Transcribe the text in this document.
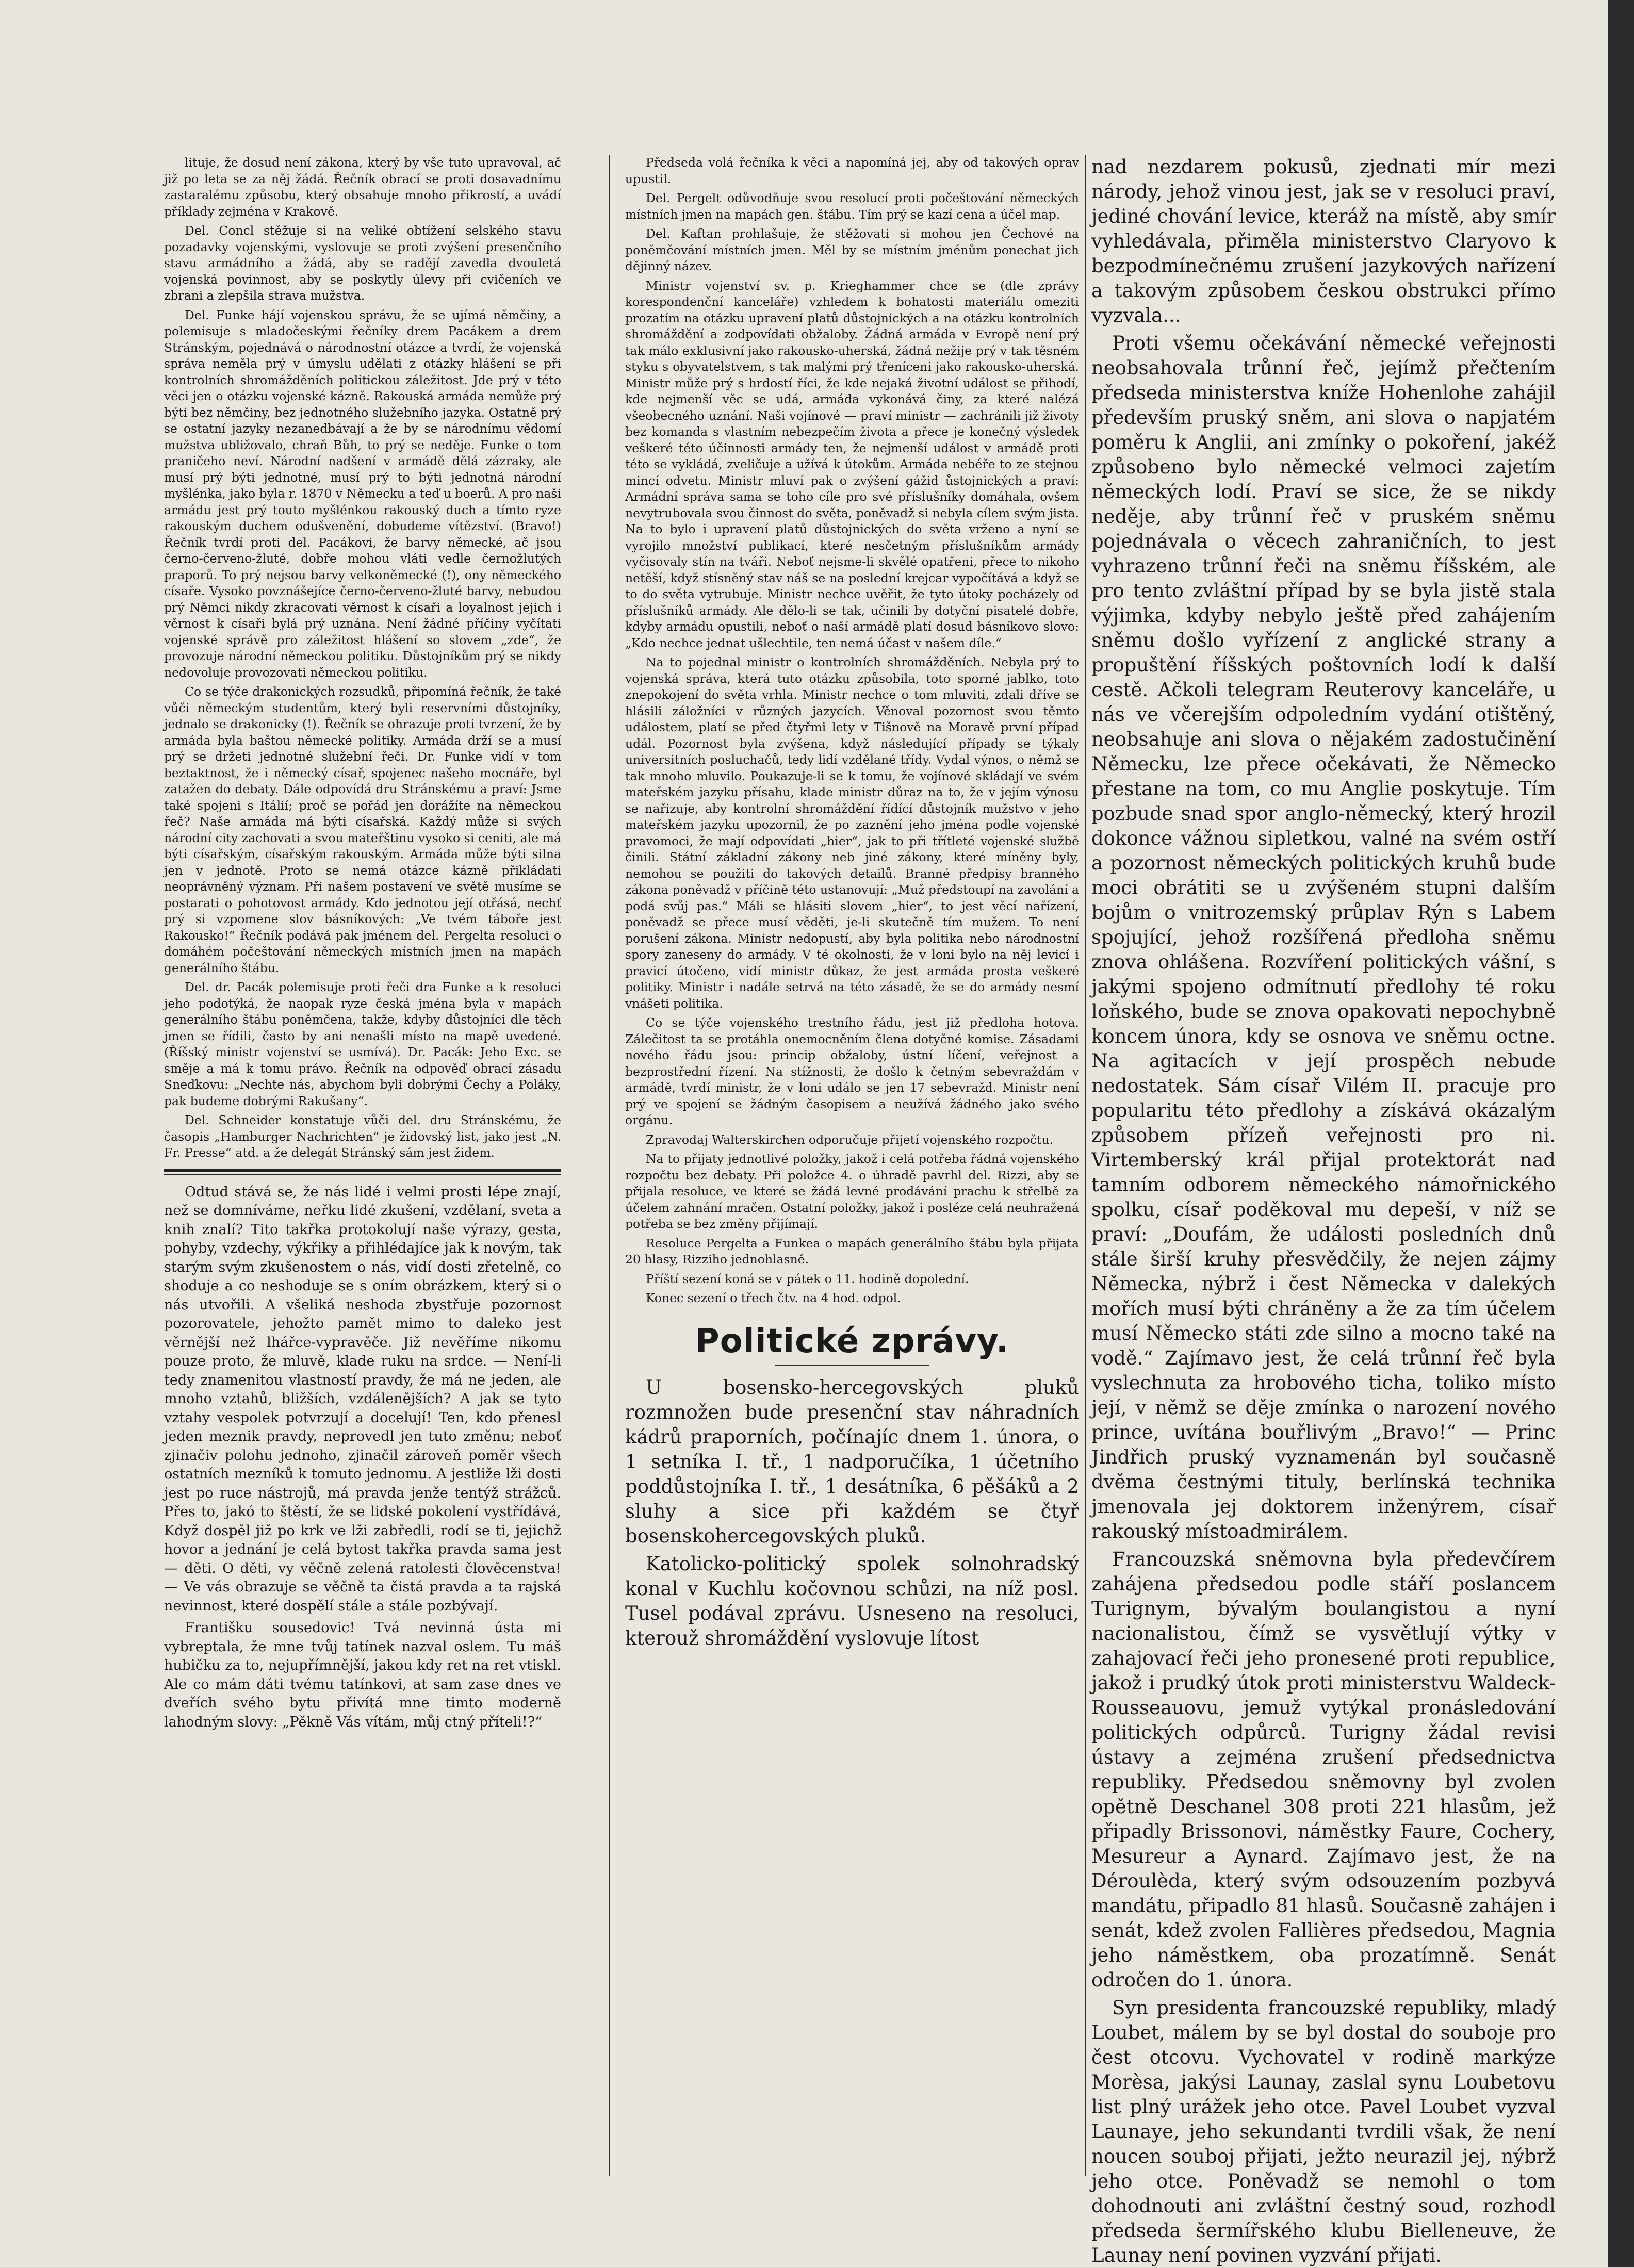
lituje, že dosud není zákona, který by vše tuto upravoval, ač již po leta se za něj žádá. Řečník obrací se proti dosavadnímu zastaralému způsobu, který obsahuje mnoho přikrostí, a uvádí příklady zejména v Krakově.

Del. Concl stěžuje si na veliké obtížení selského stavu pozadavky vojenskými, vyslovuje se proti zvýšení presenčního stavu armádního a žádá, aby se radějí zavedla dvouletá vojenská povinnost, aby se poskytly úlevy při cvičeních ve zbrani a zlepšila strava mužstva.

Del. Funke hájí vojenskou správu, že se ujímá němčiny, a polemisuje s mladočeskými řečníky drem Pacákem a drem Stránským, pojednává o národnostní otázce a tvrdí, že vojenská správa neměla prý v úmyslu udělati z otázky hlášení se při kontrolních shromážděních politickou záležitost. Jde prý v této věci jen o otázku vojenské kázně. Rakouská armáda nemůže prý býti bez němčiny, bez jednotného služebního jazyka. Ostatně prý se ostatní jazyky nezanedbávají a že by se národnímu vědomí mužstva ubližovalo, chraň Bůh, to prý se neděje. Funke o tom praničeho neví. Národní nadšení v armádě dělá zázraky, ale musí prý býti jednotné, musí prý to býti jednotná národní myšlénka, jako byla r. 1870 v Německu a teď u boerů. A pro naši armádu jest prý touto myšlénkou rakouský duch a tímto ryze rakouským duchem odušvenění, dobudeme vítězství. (Bravo!) Řečník tvrdí proti del. Pacákovi, že barvy německé, ač jsou černo-červeno-žluté, dobře mohou vláti vedle černožlutých praporů. To prý nejsou barvy velkoněmecké (!), ony německého císaře. Vysoko povznášejíce černo-červeno-žluté barvy, nebudou prý Němci nikdy zkracovati věrnost k císaři a loyalnost jejich i věrnost k císaři bylá prý uznána. Není žádné příčiny vyčítati vojenské správě pro záležitost hlášení so slovem „zde“, že provozuje národní německou politiku. Důstojníkům prý se nikdy nedovoluje provozovati německou politiku.

Co se týče drakonických rozsudků, připomíná řečník, že také vůči německým studentům, který byli reservními důstojníky, jednalo se drakonicky (!). Řečník se ohrazuje proti tvrzení, že by armáda byla baštou německé politiky. Armáda drží se a musí prý se držeti jednotné služební řeči. Dr. Funke vidí v tom beztaktnost, že i německý císař, spojenec našeho mocnáře, byl zatažen do debaty. Dále odpovídá dru Stránskému a praví: Jsme také spojeni s Itálií; proč se pořád jen dorážíte na německou řeč? Naše armáda má býti císařská. Každý může si svých národní city zachovati a svou mateřštinu vysoko si ceniti, ale má býti císařským, císařským rakouským. Armáda může býti silna jen v jednotě. Proto se nemá otázce kázně přikládati neoprávněný význam. Při našem postavení ve světě musíme se postarati o pohotovost armády. Kdo jednotou její otřásá, nechť prý si vzpomene slov básníkových: „Ve tvém táboře jest Rakousko!“ Řečník podává pak jménem del. Pergelta resoluci o domáhém počeštování německých místních jmen na mapách generálního štábu.

Del. dr. Pacák polemisuje proti řeči dra Funke a k resoluci jeho podotýká, že naopak ryze česká jména byla v mapách generálního štábu poněmčena, takže, kdyby důstojníci dle těch jmen se řídili, často by ani nenašli místo na mapě uvedené. (Říšský ministr vojenství se usmívá). Dr. Pacák: Jeho Exc. se směje a má k tomu právo. Řečník na odpověď obrací zásadu Sneďkovu: „Nechte nás, abychom byli dobrými Čechy a Poláky, pak budeme dobrými Rakušany“.

Del. Schneider konstatuje vůči del. dru Stránskému, že časopis „Hamburger Nachrichten“ je židovský list, jako jest „N. Fr. Presse“ atd. a že delegát Stránský sám jest židem.

Odtud stává se, že nás lidé i velmi prosti lépe znají, než se domníváme, neřku lidé zkušení, vzdělaní, sveta a knih znalí? Tito takřka protokolují naše výrazy, gesta, pohyby, vzdechy, výkřiky a přihlédajíce jak k novým, tak starým svým zkušenostem o nás, vidí dosti zřetelně, co shoduje a co neshoduje se s oním obrázkem, který si o nás utvořili. A všeliká neshoda zbystřuje pozornost pozorovatele, jehožto pamět mimo to daleko jest věrnější než lhářce-vypravěče. Již nevěříme nikomu pouze proto, že mluvě, klade ruku na srdce. — Není-li tedy znamenitou vlastností pravdy, že má ne jeden, ale mnoho vztahů, bližších, vzdálenějších? A jak se tyto vztahy vespolek potvrzují a docelují! Ten, kdo přenesl jeden meznik pravdy, neprovedl jen tuto změnu; neboť zjinačiv polohu jednoho, zjinačil zároveň poměr všech ostatních mezníků k tomuto jednomu. A jestliže lži dosti jest po ruce nástrojů, má pravda jenže tentýž strážců. Přes to, jakó to štěstí, že se lidské pokolení vystřídává, Když dospěl již po krk ve lži zabředli, rodí se ti, jejichž hovor a jednání je celá bytost takřka pravda sama jest — děti. O děti, vy věčně zelená ratolesti člověcenstva! — Ve vás obrazuje se věčně ta čistá pravda a ta rajská nevinnost, které dospělí stále a stále pozbývají.

Františku sousedovic! Tvá nevinná ústa mi vybreptala, že mne tvůj tatínek nazval oslem. Tu máš hubičku za to, nejupřímnější, jakou kdy ret na ret vtiskl. Ale co mám dáti tvému tatínkovi, at sam zase dnes ve dveřích svého bytu přivítá mne timto moderně lahodným slovy: „Pěkně Vás vítám, můj ctný příteli!?“

Předseda volá řečníka k věci a napomíná jej, aby od takových oprav upustil.

Del. Pergelt odůvodňuje svou resolucí proti počeštování německých místních jmen na mapách gen. štábu. Tím prý se kazí cena a účel map.

Del. Kaftan prohlašuje, že stěžovati si mohou jen Čechové na poněmčování místních jmen. Měl by se místním jménům ponechat jich dějinný název.

Ministr vojenství sv. p. Krieghammer chce se (dle zprávy korespondenční kanceláře) vzhledem k bohatosti materiálu omeziti prozatím na otázku upravení platů důstojnických a na otázku kontrolních shromáždění a zodpovídati obžaloby. Žádná armáda v Evropě není prý tak málo exklusivní jako rakousko-uherská, žádná nežije prý v tak těsném styku s obyvatelstvem, s tak malými prý třeníceni jako rakousko-uherská. Ministr může prý s hrdostí říci, že kde nejaká životní událost se přihodí, kde nejmenší věc se udá, armáda vykonává činy, za které nalézá všeobecného uznání. Naši vojínové — praví ministr — zachránili již životy bez komanda s vlastním nebezpečím života a přece je konečný výsledek veškeré této účinnosti armády ten, že nejmenší událost v armádě proti této se vykládá, zveličuje a užívá k útokům. Armáda nebéře to ze stejnou mincí odvetu. Ministr mluví pak o zvýšení gážid ůstojnických a praví: Armádní správa sama se toho cíle pro své příslušníky domáhala, ovšem nevytrubovala svou činnost do světa, poněvadž si nebyla cílem svým jista. Na to bylo i upravení platů důstojnických do světa vrženo a nyní se vyrojilo množství publikací, které nesčetným příslušníkům armády vyčisovaly stín na tváři. Neboť nejsme-li skvělé opatřeni, přece to nikoho netěší, když stísněný stav náš se na poslední krejcar vypočítává a když se to do světa vytrubuje. Ministr nechce uvěřit, že tyto útoky pocházely od příslušníků armády. Ale dělo-li se tak, učinili by dotyční pisatelé dobře, kdyby armádu opustili, neboť o naší armádě platí dosud básníkovo slovo: „Kdo nechce jednat ušlechtile, ten nemá účast v našem díle.“

Na to pojednal ministr o kontrolních shromážděních. Nebyla prý to vojenská správa, která tuto otázku způsobila, toto sporné jablko, toto znepokojení do světa vrhla. Ministr nechce o tom mluviti, zdali dříve se hlásili záložníci v různých jazycích. Věnoval pozornost svou těmto událostem, platí se před čtyřmi lety v Tišnově na Moravě první případ udál. Pozornost byla zvýšena, když následující případy se týkaly universitních posluchačů, tedy lidí vzdělané třídy. Vydal výnos, o němž se tak mnoho mluvilo. Poukazuje-li se k tomu, že vojínové skládají ve svém mateřském jazyku přísahu, klade ministr důraz na to, že v jejím výnosu se nařizuje, aby kontrolní shromáždění řídící důstojník mužstvo v jeho mateřském jazyku upozornil, že po zaznění jeho jména podle vojenské pravomoci, že mají odpovídati „hier“, jak to při třítleté vojenské službě činili. Státní základní zákony neb jiné zákony, které míněny byly, nemohou se použiti do takových detailů. Branné předpisy branného zákona poněvadž v příčině této ustanovují: „Muž předstoupí na zavolání a podá svůj pas.“ Máli se hlásiti slovem „hier“, to jest věcí nařízení, poněvadž se přece musí věděti, je-li skutečně tím mužem. To není porušení zákona. Ministr nedopustí, aby byla politika nebo národnostní spory zaneseny do armády. V té okolnosti, že v loni bylo na něj levicí i pravicí útočeno, vidí ministr důkaz, že jest armáda prosta veškeré politiky. Ministr i nadále setrvá na této zásadě, že se do armády nesmí vnášeti politika.

Co se týče vojenského trestního řádu, jest již předloha hotova. Zálečitost ta se protáhla onemocněním člena dotyčné komise. Zásadami nového řádu jsou: princip obžaloby, ústní líčení, veřejnost a bezprostřední řízení. Na stížnosti, že došlo k četným sebevraždám v armádě, tvrdí ministr, že v loni událo se jen 17 sebevražd. Ministr není prý ve spojení se žádným časopisem a neužívá žádného jako svého orgánu.

Zpravodaj Walterskirchen odporučuje přijetí vojenského rozpočtu.

Na to přijaty jednotlivé položky, jakož i celá potřeba řádná vojenského rozpočtu bez debaty. Při položce 4. o úhradě pavrhl del. Rizzi, aby se přijala resoluce, ve které se žádá levné prodávání prachu k střelbě za účelem zahnání mračen. Ostatní položky, jakož i posléze celá neuhražená potřeba se bez změny přijímají.

Resoluce Pergelta a Funkea o mapách generálního štábu byla přijata 20 hlasy, Rizziho jednohlasně.

Příští sezení koná se v pátek o 11. hodině dopolední.

Konec sezení o třech čtv. na 4 hod. odpol.

Politické zprávy.

U bosensko-hercegovských pluků rozmnožen bude presenční stav náhradních kádrů praporních, počínajíc dnem 1. února, o 1 setníka I. tř., 1 nadporučíka, 1 účetního poddůstojníka I. tř., 1 desátníka, 6 pěšáků a 2 sluhy a sice při každém se čtyř bosenskohercegovských pluků.

Katolicko-politický spolek solnohradský konal v Kuchlu kočovnou schůzi, na níž posl. Tusel podával zprávu. Usneseno na resoluci, kterouž shromáždění vyslovuje lítost

nad nezdarem pokusů, zjednati mír mezi národy, jehož vinou jest, jak se v resoluci praví, jediné chování levice, kteráž na místě, aby smír vyhledávala, přiměla ministerstvo Claryovo k bezpodmínečnému zrušení jazykových nařízení a takovým způsobem českou obstrukci přímo vyzvala...

Proti všemu očekávání německé veřejnosti neobsahovala trůnní řeč, jejímž přečtením předseda ministerstva kníže Hohenlohe zahájil především pruský sněm, ani slova o napjatém poměru k Anglii, ani zmínky o pokoření, jakéž způsobeno bylo německé velmoci zajetím německých lodí. Praví se sice, že se nikdy neděje, aby trůnní řeč v pruském sněmu pojednávala o věcech zahraničních, to jest vyhrazeno trůnní řeči na sněmu říšském, ale pro tento zvláštní případ by se byla jistě stala výjimka, kdyby nebylo ještě před zahájením sněmu došlo vyřízení z anglické strany a propuštění říšských poštovních lodí k další cestě. Ačkoli telegram Reuterovy kanceláře, u nás ve včerejším odpoledním vydání otištěný, neobsahuje ani slova o nějakém zadostučinění Německu, lze přece očekávati, že Německo přestane na tom, co mu Anglie poskytuje. Tím pozbude snad spor anglo-německý, který hrozil dokonce vážnou sipletkou, valné na svém ostří a pozornost německých politických kruhů bude moci obrátiti se u zvýšeném stupni dalším bojům o vnitrozemský průplav Rýn s Labem spojující, jehož rozšířená předloha sněmu znova ohlášena. Rozvíření politických vášní, s jakými spojeno odmítnutí předlohy té roku loňského, bude se znova opakovati nepochybně koncem února, kdy se osnova ve sněmu octne. Na agitacích v její prospěch nebude nedostatek. Sám císař Vilém II. pracuje pro popularitu této předlohy a získává okázalým způsobem přízeň veřejnosti pro ni. Virtemberský král přijal protektorát nad tamním odborem německého námořnického spolku, císař poděkoval mu depeší, v níž se praví: „Doufám, že události posledních dnů stále širší kruhy přesvědčily, že nejen zájmy Německa, nýbrž i čest Německa v dalekých mořích musí býti chráněny a že za tím účelem musí Německo státi zde silno a mocno také na vodě.“ Zajímavo jest, že celá trůnní řeč byla vyslechnuta za hrobového ticha, toliko místo její, v němž se děje zmínka o narození nového prince, uvítána bouřlivým „Bravo!“ — Princ Jindřich pruský vyznamenán byl současně dvěma čestnými tituly, berlínská technika jmenovala jej doktorem inženýrem, císař rakouský místoadmirálem.

Francouzská sněmovna byla předevčírem zahájena předsedou podle stáří poslancem Turignym, bývalým boulangistou a nyní nacionalistou, čímž se vysvětlují výtky v zahajovací řeči jeho pronesené proti republice, jakož i prudký útok proti ministerstvu Waldeck-Rousseauovu, jemuž vytýkal pronásledování politických odpůrců. Turigny žádal revisi ústavy a zejména zrušení předsednictva republiky. Předsedou sněmovny byl zvolen opětně Deschanel 308 proti 221 hlasům, jež připadly Brissonovi, náměstky Faure, Cochery, Mesureur a Aynard. Zajímavo jest, že na Déroulèda, který svým odsouzením pozbyvá mandátu, připadlo 81 hlasů. Současně zahájen i senát, kdež zvolen Fallières předsedou, Magnia jeho náměstkem, oba prozatímně. Senát odročen do 1. února.

Syn presidenta francouzské republiky, mladý Loubet, málem by se byl dostal do souboje pro čest otcovu. Vychovatel v rodině markýze Morèsa, jakýsi Launay, zaslal synu Loubetovu list plný urážek jeho otce. Pavel Loubet vyzval Launaye, jeho sekundanti tvrdili však, že není noucen souboj přijati, ježto neurazil jej, nýbrž jeho otce. Poněvadž se nemohl o tom dohodnouti ani zvláštní čestný soud, rozhodl předseda šermířského klubu Bielleneuve, že Launay není povinen vyzvání přijati.
